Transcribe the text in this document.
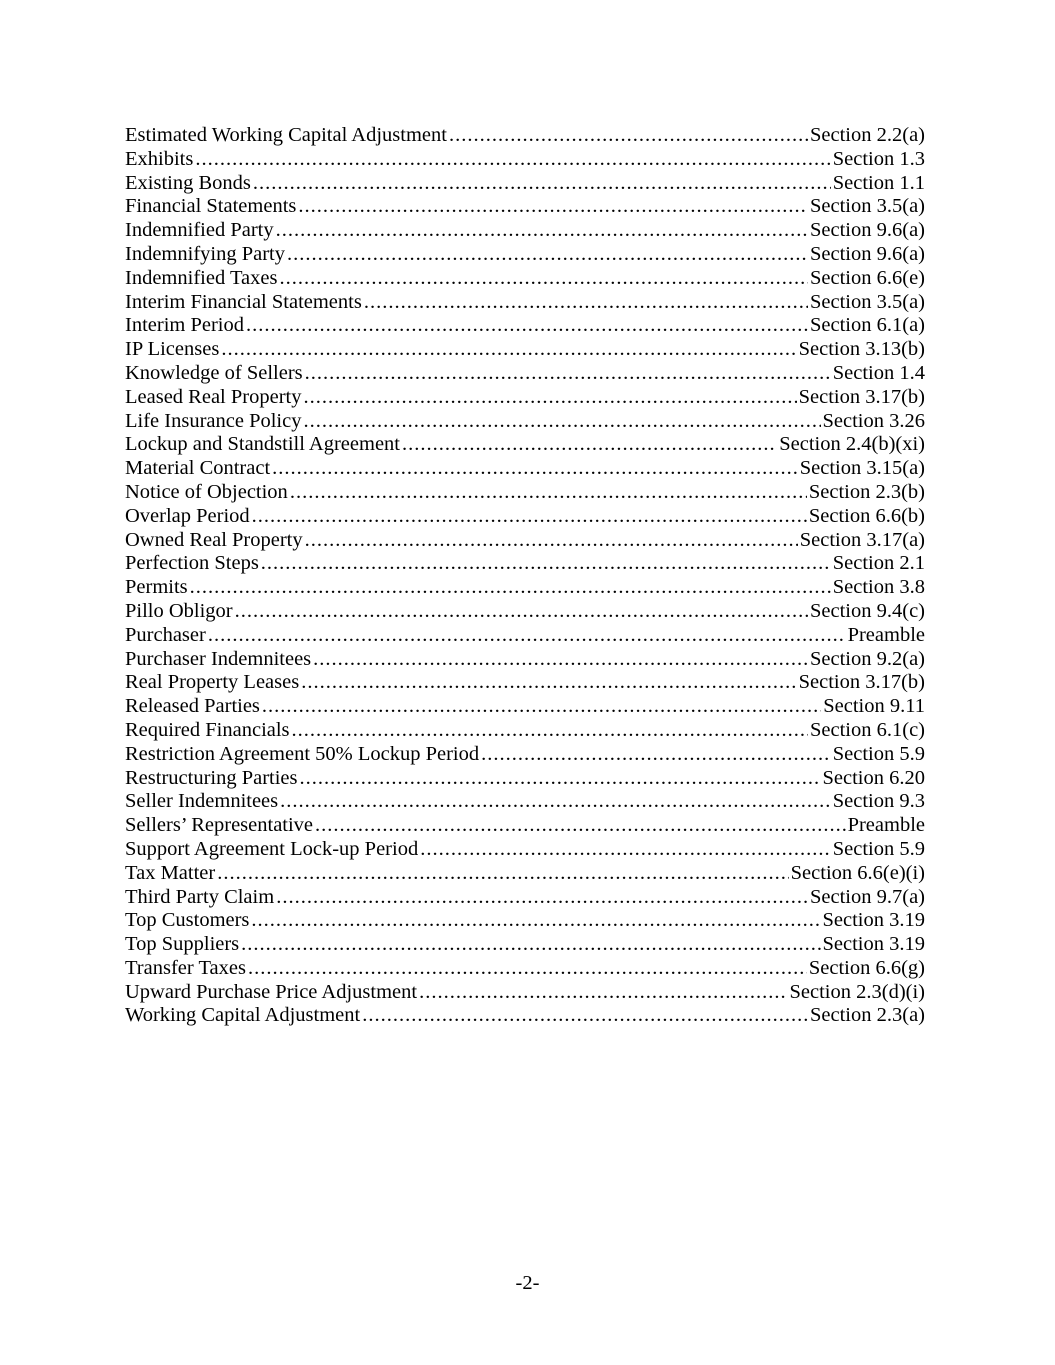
Estimated Working Capital Adjustment .....	Section 2.2(a)
Exhibits .....	Section 1.3
Existing Bonds .....	Section 1.1
Financial Statements .....	Section 3.5(a)
Indemnified Party .....	Section 9.6(a)
Indemnifying Party .....	Section 9.6(a)
Indemnified Taxes .....	Section 6.6(e)
Interim Financial Statements .....	Section 3.5(a)
Interim Period .....	Section 6.1(a)
IP Licenses .....	Section 3.13(b)
Knowledge of Sellers .....	Section 1.4
Leased Real Property .....	Section 3.17(b)
Life Insurance Policy .....	Section 3.26
Lockup and Standstill Agreement .....	Section 2.4(b)(xi)
Material Contract .....	Section 3.15(a)
Notice of Objection .....	Section 2.3(b)
Overlap Period .....	Section 6.6(b)
Owned Real Property .....	Section 3.17(a)
Perfection Steps .....	Section 2.1
Permits .....	Section 3.8
Pillo Obligor .....	Section 9.4(c)
Purchaser .....	Preamble
Purchaser Indemnitees .....	Section 9.2(a)
Real Property Leases .....	Section 3.17(b)
Released Parties .....	Section 9.11
Required Financials .....	Section 6.1(c)
Restriction Agreement 50% Lockup Period .....	Section 5.9
Restructuring Parties .....	Section 6.20
Seller Indemnitees .....	Section 9.3
Sellers’ Representative .....	Preamble
Support Agreement Lock-up Period .....	Section 5.9
Tax Matter .....	Section 6.6(e)(i)
Third Party Claim .....	Section 9.7(a)
Top Customers .....	Section 3.19
Top Suppliers .....	Section 3.19
Transfer Taxes .....	Section 6.6(g)
Upward Purchase Price Adjustment .....	Section 2.3(d)(i)
Working Capital Adjustment .....	Section 2.3(a)
-2-
